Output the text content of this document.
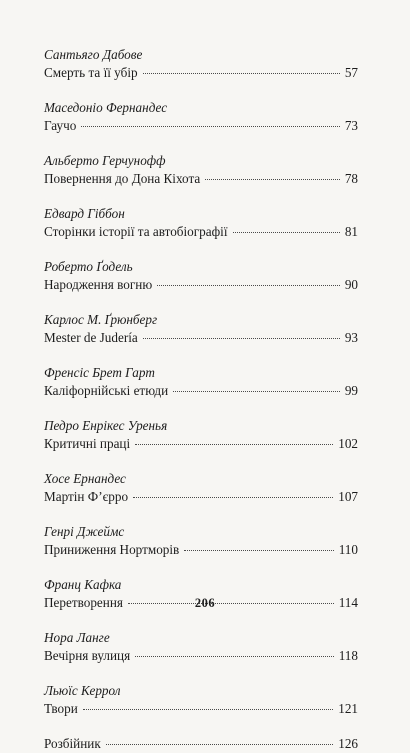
Сантьяго Дабове
Смерть та її убір	57
Маседоніо Фернандес
Гаучо	73
Альберто Герчунофф
Повернення до Дона Кіхота	78
Едвард Гіббон
Сторінки історії та автобіографії	81
Роберто Ґодель
Народження вогню	90
Карлос М. Ґрюнберг
Mester de Judería	93
Френсіс Брет Гарт
Каліфорнійські етюди	99
Педро Енрікес Уренья
Критичні праці	102
Хосе Ернандес
Мартін Ф’єрро	107
Генрі Джеймс
Приниження Нортморів	110
Франц Кафка
Перетворення	114
Нора Ланге
Вечірня вулиця	118
Льюїс Керрол
Твори	121
Розбійник	126
206
